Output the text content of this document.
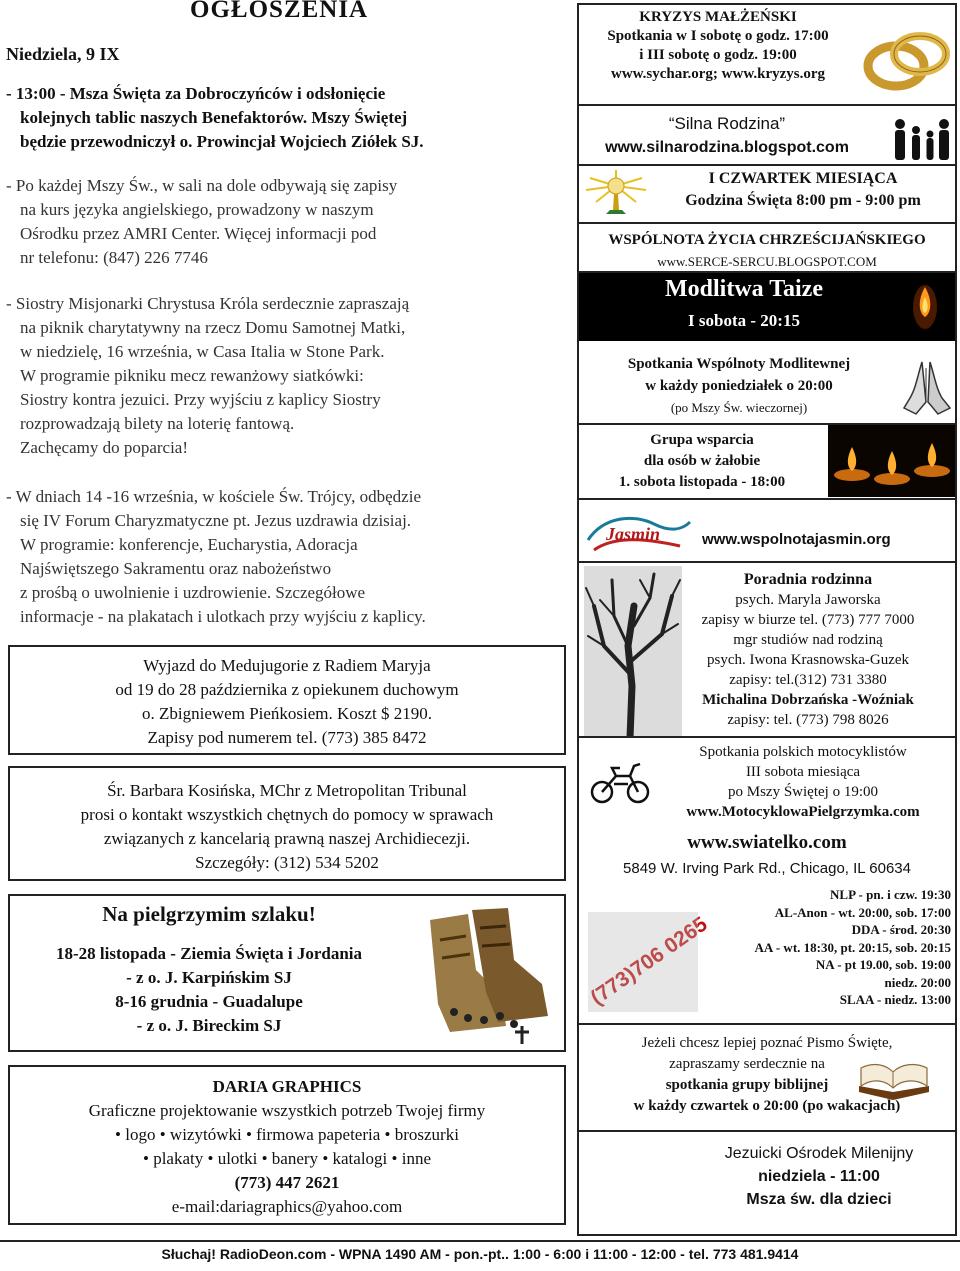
OGŁOSZENIA
Niedziela, 9 IX
- 13:00 - Msza Święta za Dobroczyńców i odsłonięcie
kolejnych tablic naszych Benefaktorów. Mszy Świętej
będzie przewodniczył o. Prowincjał Wojciech Ziółek SJ.
- Po każdej Mszy Św., w sali na dole odbywają się zapisy
na kurs języka angielskiego, prowadzony w naszym
Ośrodku przez AMRI Center. Więcej informacji pod
nr telefonu: (847) 226 7746
- Siostry Misjonarki Chrystusa Króla serdecznie zapraszają
na piknik charytatywny na rzecz Domu Samotnej Matki,
w niedzielę, 16 września, w Casa Italia w Stone Park.
W programie pikniku mecz rewanżowy siatkówki:
Siostry kontra jezuici. Przy wyjściu z kaplicy Siostry
rozprowadzają bilety na loterię fantową.
Zachęcamy do poparcia!
- W dniach 14 -16 września, w kościele Św. Trójcy, odbędzie
się IV Forum Charyzmatyczne pt. Jezus uzdrawia dzisiaj.
W programie: konferencje, Eucharystia, Adoracja
Najświętszego Sakramentu oraz nabożeństwo
z prośbą o uwolnienie i uzdrowienie. Szczegółowe
informacje - na plakatach i ulotkach przy wyjściu z kaplicy.
Wyjazd do Medujugorie z Radiem Maryja
od 19 do 28 października z opiekunem duchowym
o. Zbigniewem Pieńkosiem. Koszt $ 2190.
Zapisy pod numerem tel. (773) 385 8472
Śr. Barbara Kosińska, MChr z Metropolitan Tribunal
prosi o kontakt wszystkich chętnych do pomocy w sprawach
związanych z kancelarią prawną naszej Archidiecezji.
Szczegóły: (312) 534 5202
Na pielgrzymim szlaku!
18-28 listopada - Ziemia Święta i Jordania
- z o. J. Karpińskim SJ
8-16 grudnia - Guadalupe
- z o. J. Bireckim SJ
DARIA GRAPHICS
Graficzne projektowanie wszystkich potrzeb Twojej firmy
• logo • wizytówki • firmowa papeteria • broszurki
• plakaty • ulotki • banery • katalogi • inne
(773) 447 2621
e-mail:dariagraphics@yahoo.com
KRYZYS MAŁŻEŃSKI
Spotkania w I sobotę o godz. 17:00
i III sobotę o godz. 19:00
www.sychar.org; www.kryzys.org
“Silna Rodzina”
www.silnarodzina.blogspot.com
I CZWARTEK MIESIĄCA
Godzina Święta 8:00 pm - 9:00 pm
WSPÓLNOTA ŻYCIA CHRZEŚCIJAŃSKIEGO
www.SERCE-SERCU.BLOGSPOT.COM
Modlitwa Taize
I sobota - 20:15
Spotkania Wspólnoty Modlitewnej
w każdy poniedziałek o 20:00
(po Mszy Św. wieczornej)
Grupa wsparcia
dla osób w żałobie
1. sobota listopada - 18:00
Jasmin	www.wspolnotajasmin.org
Poradnia rodzinna
psych. Maryla Jaworska
zapisy w biurze tel. (773) 777 7000
mgr studiów nad rodziną
psych. Iwona Krasnowska-Guzek
zapisy: tel.(312) 731 3380
Michalina Dobrzańska -Woźniak
zapisy: tel. (773) 798 8026
Spotkania polskich motocyklistów
III sobota miesiąca
po Mszy Świętej o 19:00
www.MotocyklowaPielgrzymka.com
www.swiatelko.com
5849 W. Irving Park Rd., Chicago, IL 60634
(773)706 0265
NLP - pn. i czw. 19:30
AL-Anon - wt. 20:00, sob. 17:00
DDA - środ. 20:30
AA - wt. 18:30, pt. 20:15, sob. 20:15
NA - pt 19.00, sob. 19:00
niedz. 20:00
SLAA - niedz. 13:00
Jeżeli chcesz lepiej poznać Pismo Święte,
zapraszamy serdecznie na
spotkania grupy biblijnej
w każdy czwartek o 20:00 (po wakacjach)
Jezuicki Ośrodek Milenijny
niedziela - 11:00
Msza św. dla dzieci
Słuchaj! RadioDeon.com - WPNA 1490 AM - pon.-pt.. 1:00 - 6:00 i 11:00 - 12:00 - tel. 773 481.9414
